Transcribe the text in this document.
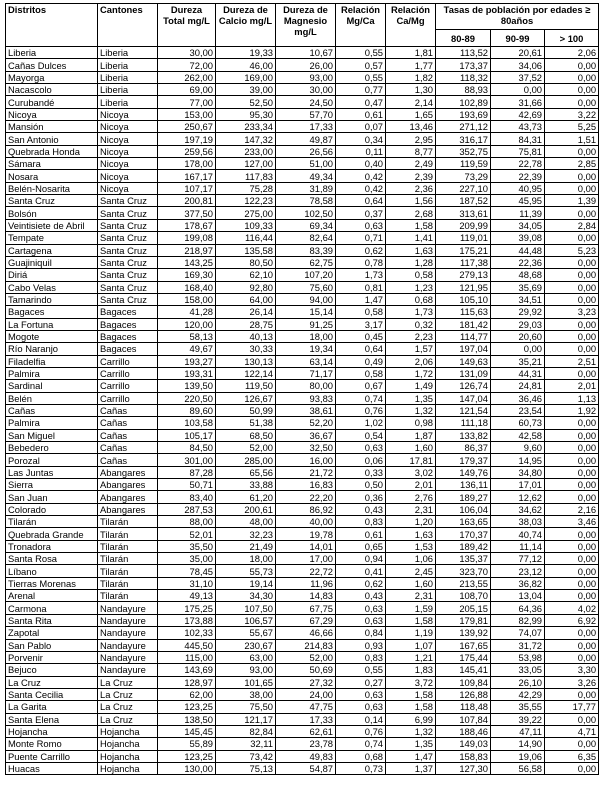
Distritos	Cantones	Dureza Total mg/L	Dureza de Calcio mg/L	Dureza de Magnesio mg/L	Relación Mg/Ca	Relación Ca/Mg	Tasas de población por edades ≥ 80años		
							80-89	90-99	> 100
Liberia	Liberia	30,00	19,33	10,67	0,55	1,81	113,52	20,61	2,06
Cañas Dulces	Liberia	72,00	46,00	26,00	0,57	1,77	173,37	34,06	0,00
Mayorga	Liberia	262,00	169,00	93,00	0,55	1,82	118,32	37,52	0,00
Nacascolo	Liberia	69,00	39,00	30,00	0,77	1,30	88,93	0,00	0,00
Curubandé	Liberia	77,00	52,50	24,50	0,47	2,14	102,89	31,66	0,00
Nicoya	Nicoya	153,00	95,30	57,70	0,61	1,65	193,69	42,69	3,22
Mansión	Nicoya	250,67	233,34	17,33	0,07	13,46	271,12	43,73	5,25
San Antonio	Nicoya	197,19	147,32	49,87	0,34	2,95	316,17	84,31	1,51
Quebrada Honda	Nicoya	259,56	233,00	26,56	0,11	8,77	352,75	75,81	0,00
Sámara	Nicoya	178,00	127,00	51,00	0,40	2,49	119,59	22,78	2,85
Nosara	Nicoya	167,17	117,83	49,34	0,42	2,39	73,29	22,39	0,00
Belén-Nosarita	Nicoya	107,17	75,28	31,89	0,42	2,36	227,10	40,95	0,00
Santa Cruz	Santa Cruz	200,81	122,23	78,58	0,64	1,56	187,52	45,95	1,39
Bolsón	Santa Cruz	377,50	275,00	102,50	0,37	2,68	313,61	11,39	0,00
Veintisiete de Abril	Santa Cruz	178,67	109,33	69,34	0,63	1,58	209,99	34,05	2,84
Tempate	Santa Cruz	199,08	116,44	82,64	0,71	1,41	119,01	39,08	0,00
Cartagena	Santa Cruz	218,97	135,58	83,39	0,62	1,63	175,21	44,48	5,23
Guajiniquil	Santa Cruz	143,25	80,50	62,75	0,78	1,28	117,38	22,36	0,00
Diriá	Santa Cruz	169,30	62,10	107,20	1,73	0,58	279,13	48,68	0,00
Cabo Velas	Santa Cruz	168,40	92,80	75,60	0,81	1,23	121,95	35,69	0,00
Tamarindo	Santa Cruz	158,00	64,00	94,00	1,47	0,68	105,10	34,51	0,00
Bagaces	Bagaces	41,28	26,14	15,14	0,58	1,73	115,63	29,92	3,23
La Fortuna	Bagaces	120,00	28,75	91,25	3,17	0,32	181,42	29,03	0,00
Mogote	Bagaces	58,13	40,13	18,00	0,45	2,23	114,77	20,60	0,00
Río Naranjo	Bagaces	49,67	30,33	19,34	0,64	1,57	197,04	0,00	0,00
Filadelfia	Carrillo	193,27	130,13	63,14	0,49	2,06	149,63	35,21	2,51
Palmira	Carrillo	193,31	122,14	71,17	0,58	1,72	131,09	44,31	0,00
Sardinal	Carrillo	139,50	119,50	80,00	0,67	1,49	126,74	24,81	2,01
Belén	Carrillo	220,50	126,67	93,83	0,74	1,35	147,04	36,46	1,13
Cañas	Cañas	89,60	50,99	38,61	0,76	1,32	121,54	23,54	1,92
Palmira	Cañas	103,58	51,38	52,20	1,02	0,98	111,18	60,73	0,00
San Miguel	Cañas	105,17	68,50	36,67	0,54	1,87	133,82	42,58	0,00
Bebedero	Cañas	84,50	52,00	32,50	0,63	1,60	86,37	9,60	0,00
Porozal	Cañas	301,00	285,00	16,00	0,06	17,81	179,37	14,95	0,00
Las Juntas	Abangares	87,28	65,56	21,72	0,33	3,02	149,76	34,80	0,00
Sierra	Abangares	50,71	33,88	16,83	0,50	2,01	136,11	17,01	0,00
San Juan	Abangares	83,40	61,20	22,20	0,36	2,76	189,27	12,62	0,00
Colorado	Abangares	287,53	200,61	86,92	0,43	2,31	106,04	34,62	2,16
Tilarán	Tilarán	88,00	48,00	40,00	0,83	1,20	163,65	38,03	3,46
Quebrada Grande	Tilarán	52,01	32,23	19,78	0,61	1,63	170,37	40,74	0,00
Tronadora	Tilarán	35,50	21,49	14,01	0,65	1,53	189,42	11,14	0,00
Santa Rosa	Tilarán	35,00	18,00	17,00	0,94	1,06	135,37	77,12	0,00
Líbano	Tilarán	78,45	55,73	22,72	0,41	2,45	323,70	23,12	0,00
Tierras Morenas	Tilarán	31,10	19,14	11,96	0,62	1,60	213,55	36,82	0,00
Arenal	Tilarán	49,13	34,30	14,83	0,43	2,31	108,70	13,04	0,00
Carmona	Nandayure	175,25	107,50	67,75	0,63	1,59	205,15	64,36	4,02
Santa Rita	Nandayure	173,88	106,57	67,29	0,63	1,58	179,81	82,99	6,92
Zapotal	Nandayure	102,33	55,67	46,66	0,84	1,19	139,92	74,07	0,00
San Pablo	Nandayure	445,50	230,67	214,83	0,93	1,07	167,65	31,72	0,00
Porvenir	Nandayure	115,00	63,00	52,00	0,83	1,21	175,44	53,98	0,00
Bejuco	Nandayure	143,69	93,00	50,69	0,55	1,83	145,41	33,05	3,30
La Cruz	La Cruz	128,97	101,65	27,32	0,27	3,72	109,84	26,10	3,26
Santa Cecilia	La Cruz	62,00	38,00	24,00	0,63	1,58	126,88	42,29	0,00
La Garita	La Cruz	123,25	75,50	47,75	0,63	1,58	118,48	35,55	17,77
Santa Elena	La Cruz	138,50	121,17	17,33	0,14	6,99	107,84	39,22	0,00
Hojancha	Hojancha	145,45	82,84	62,61	0,76	1,32	188,46	47,11	4,71
Monte Romo	Hojancha	55,89	32,11	23,78	0,74	1,35	149,03	14,90	0,00
Puente Carrillo	Hojancha	123,25	73,42	49,83	0,68	1,47	158,83	19,06	6,35
Huacas	Hojancha	130,00	75,13	54,87	0,73	1,37	127,30	56,58	0,00
